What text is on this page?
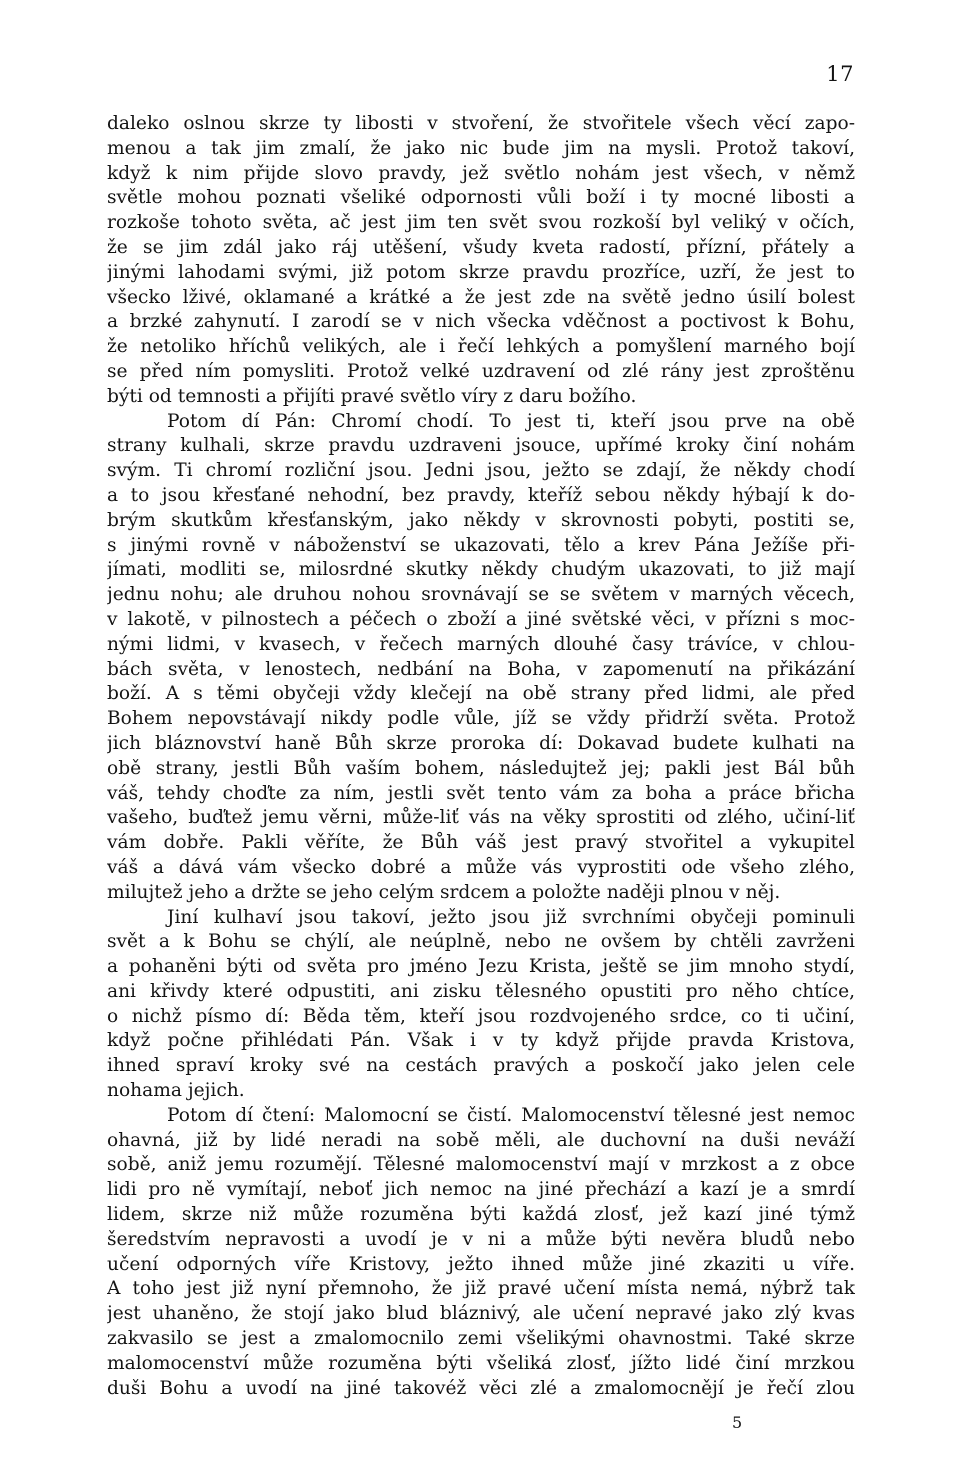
17
daleko oslnou skrze ty libosti v stvoření, že stvořitele všech věcí zapo-
menou a tak jim zmalí, že jako nic bude jim na mysli. Protož takoví,
když k nim přijde slovo pravdy, jež světlo nohám jest všech, v němž
světle mohou poznati všeliké odpornosti vůli boží i ty mocné libosti a
rozkoše tohoto světa, ač jest jim ten svět svou rozkoší byl veliký v očích,
že se jim zdál jako ráj utěšení, všudy kveta radostí, přízní, přátely a
jinými lahodami svými, již potom skrze pravdu prozříce, uzří, že jest to
všecko lživé, oklamané a krátké a že jest zde na světě jedno úsilí bolest
a brzké zahynutí. I zarodí se v nich všecka vděčnost a poctivost k Bohu,
že netoliko hříchů velikých, ale i řečí lehkých a pomyšlení marného bojí
se před ním pomysliti. Protož velké uzdravení od zlé rány jest zproštěnu
býti od temnosti a přijíti pravé světlo víry z daru božího.
Potom dí Pán: Chromí chodí. To jest ti, kteří jsou prve na obě
strany kulhali, skrze pravdu uzdraveni jsouce, upřímé kroky činí nohám
svým. Ti chromí rozliční jsou. Jedni jsou, ježto se zdají, že někdy chodí
a to jsou křesťané nehodní, bez pravdy, kteříž sebou někdy hýbají k do-
brým skutkům křesťanským, jako někdy v skrovnosti pobyti, postiti se,
s jinými rovně v náboženství se ukazovati, tělo a krev Pána Ježíše při-
jímati, modliti se, milosrdné skutky někdy chudým ukazovati, to již mají
jednu nohu; ale druhou nohou srovnávají se se světem v marných věcech,
v lakotě, v pilnostech a péčech o zboží a jiné světské věci, v přízni s moc-
nými lidmi, v kvasech, v řečech marných dlouhé časy trávíce, v chlou-
bách světa, v lenostech, nedbání na Boha, v zapomenutí na přikázání
boží. A s těmi obyčeji vždy klečejí na obě strany před lidmi, ale před
Bohem nepovstávají nikdy podle vůle, jíž se vždy přidrží světa. Protož
jich bláznovství haně Bůh skrze proroka dí: Dokavad budete kulhati na
obě strany, jestli Bůh vaším bohem, následujtež jej; pakli jest Bál bůh
váš, tehdy choďte za ním, jestli svět tento vám za boha a práce břicha
vašeho, buďtež jemu věrni, může-liť vás na věky sprostiti od zlého, učiní-liť
vám dobře. Pakli věříte, že Bůh váš jest pravý stvořitel a vykupitel
váš a dává vám všecko dobré a může vás vyprostiti ode všeho zlého,
milujtež jeho a držte se jeho celým srdcem a položte naději plnou v něj.
Jiní kulhaví jsou takoví, ježto jsou již svrchními obyčeji pominuli
svět a k Bohu se chýlí, ale neúplně, nebo ne ovšem by chtěli zavrženi
a pohaněni býti od světa pro jméno Jezu Krista, ještě se jim mnoho stydí,
ani křivdy které odpustiti, ani zisku tělesného opustiti pro něho chtíce,
o nichž písmo dí: Běda těm, kteří jsou rozdvojeného srdce, co ti učiní,
když počne přihlédati Pán. Však i v ty když přijde pravda Kristova,
ihned spraví kroky své na cestách pravých a poskočí jako jelen cele
nohama jejich.
Potom dí čtení: Malomocní se čistí. Malomocenství tělesné jest nemoc
ohavná, již by lidé neradi na sobě měli, ale duchovní na duši neváží
sobě, aniž jemu rozumějí. Tělesné malomocenství mají v mrzkost a z obce
lidi pro ně vymítají, neboť jich nemoc na jiné přechází a kazí je a smrdí
lidem, skrze niž může rozuměna býti každá zlosť, jež kazí jiné týmž
šeredstvím nepravosti a uvodí je v ni a může býti nevěra bludů nebo
učení odporných víře Kristovy, ježto ihned může jiné zkaziti u víře.
A toho jest již nyní přemnoho, že již pravé učení místa nemá, nýbrž tak
jest uhaněno, že stojí jako blud bláznivý, ale učení nepravé jako zlý kvas
zakvasilo se jest a zmalomocnilo zemi všelikými ohavnostmi. Také skrze
malomocenství může rozuměna býti všeliká zlosť, jížto lidé činí mrzkou
duši Bohu a uvodí na jiné takovéž věci zlé a zmalomocnějí je řečí zlou
5
